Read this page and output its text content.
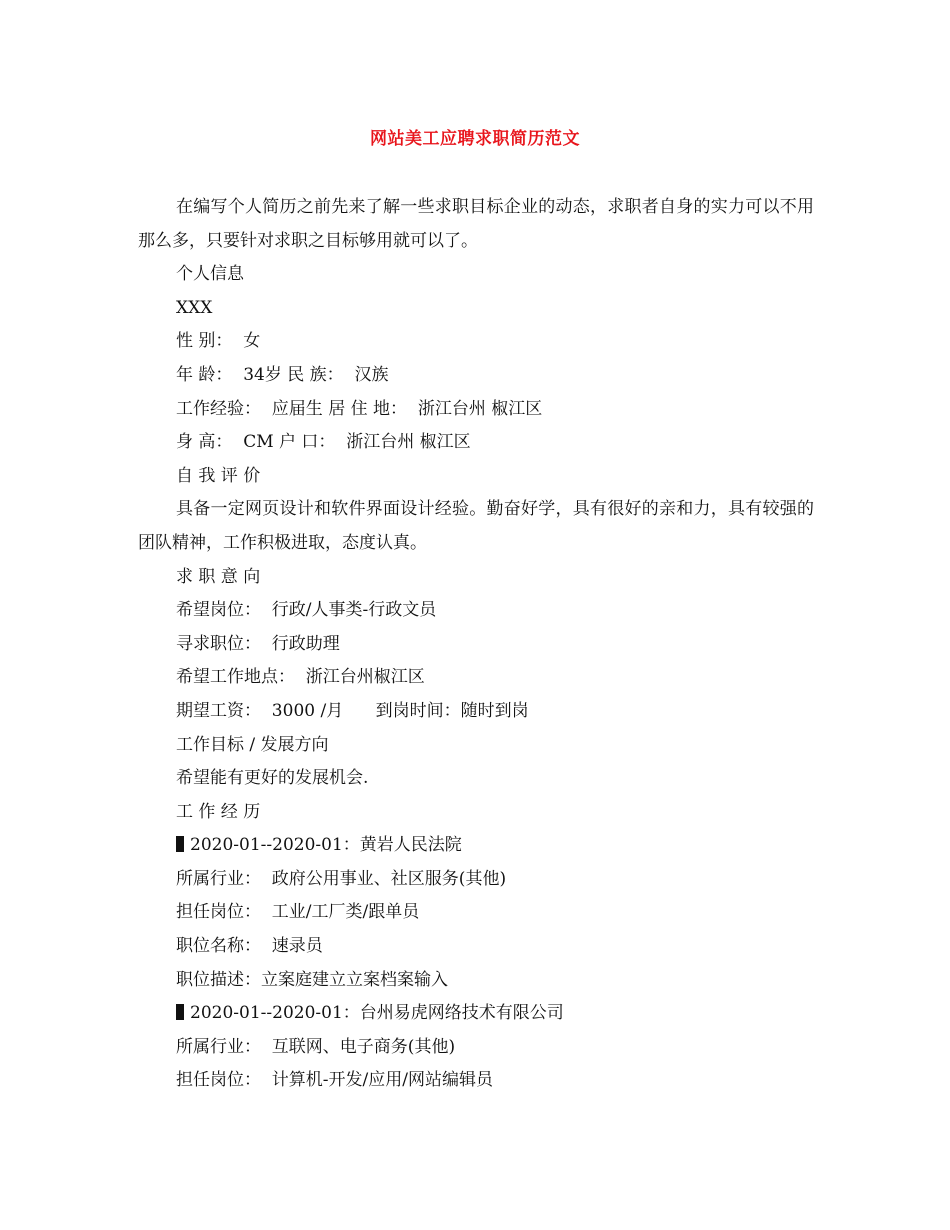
网站美工应聘求职简历范文

在编写个人简历之前先来了解一些求职目标企业的动态，求职者自身的实力可以不用那么多，只要针对求职之目标够用就可以了。

个人信息

XXX

性 别：  女

年 龄：  34岁 民 族：  汉族

工作经验：  应届生 居 住 地：  浙江台州 椒江区

身 高：  CM 户 口：  浙江台州 椒江区

自 我 评 价

具备一定网页设计和软件界面设计经验。勤奋好学，具有很好的亲和力，具有较强的团队精神，工作积极进取，态度认真。

求 职 意 向

希望岗位：  行政/人事类-行政文员

寻求职位：  行政助理

希望工作地点：  浙江台州椒江区

期望工资：  3000 /月      到岗时间：随时到岗

工作目标 / 发展方向

希望能有更好的发展机会.

工 作 经 历

2020-01--2020-01：黄岩人民法院

所属行业：  政府公用事业、社区服务(其他)

担任岗位：  工业/工厂类/跟单员

职位名称：  速录员

职位描述：立案庭建立立案档案输入

2020-01--2020-01：台州易虎网络技术有限公司

所属行业：  互联网、电子商务(其他)

担任岗位：  计算机-开发/应用/网站编辑员
